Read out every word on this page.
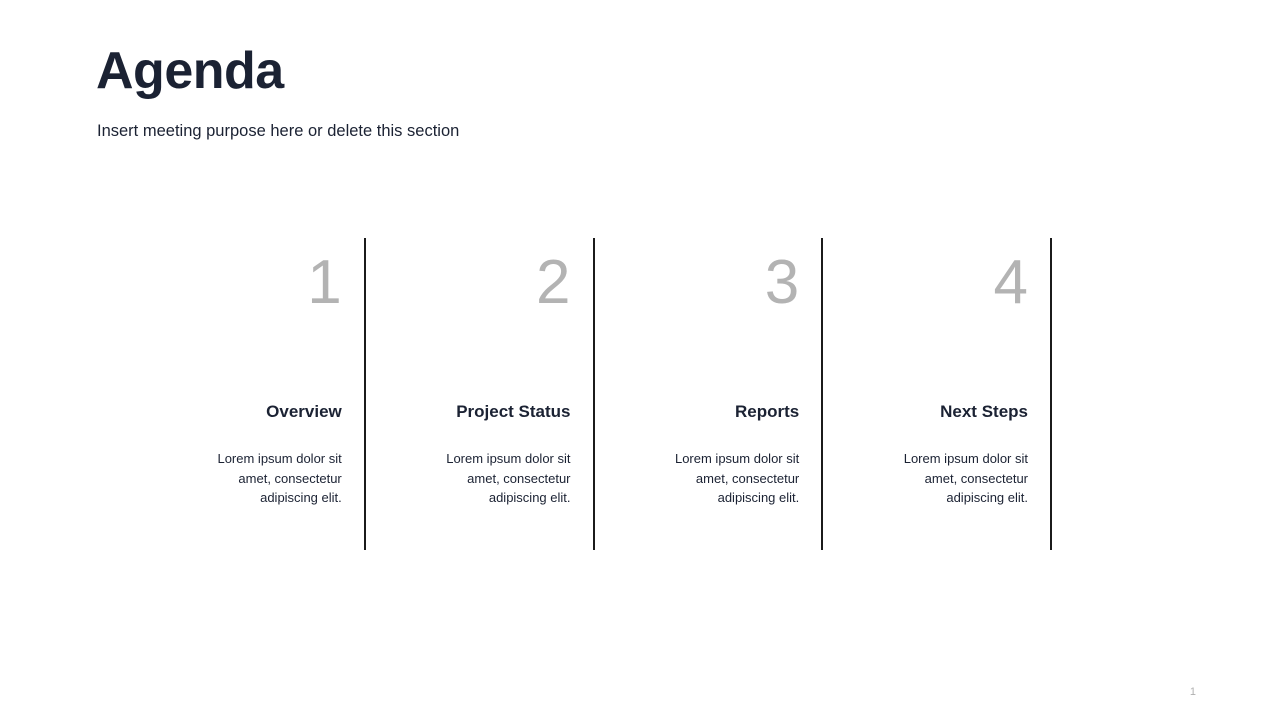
Agenda
Insert meeting purpose here or delete this section
1
Overview
Lorem ipsum dolor sit amet, consectetur adipiscing elit.
2
Project Status
Lorem ipsum dolor sit amet, consectetur adipiscing elit.
3
Reports
Lorem ipsum dolor sit amet, consectetur adipiscing elit.
4
Next Steps
Lorem ipsum dolor sit amet, consectetur adipiscing elit.
1
